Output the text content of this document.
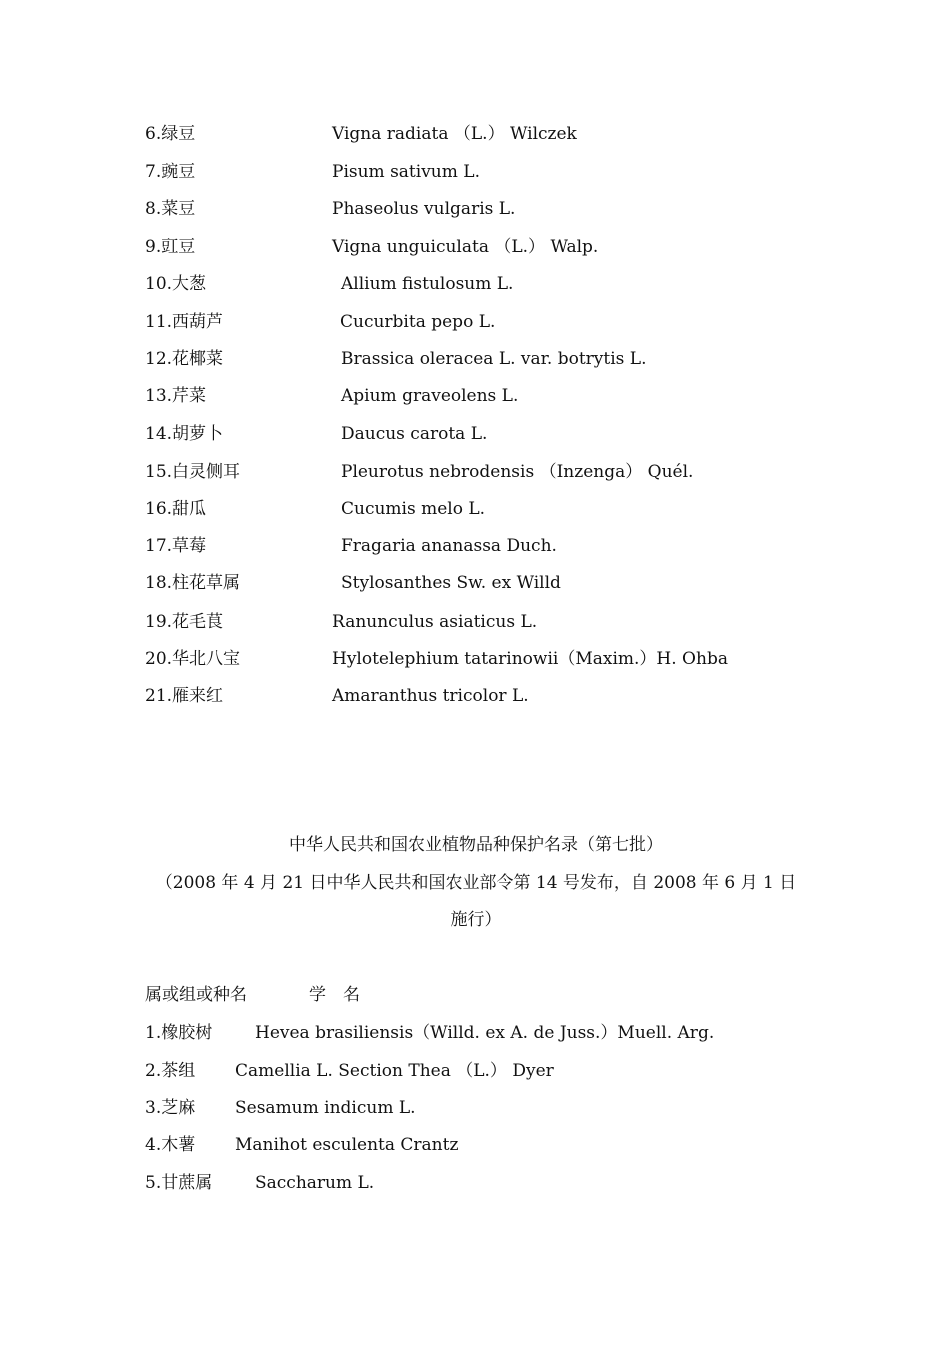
6.绿豆	Vigna radiata （L.） Wilczek
7.豌豆	Pisum sativum L.
8.菜豆	Phaseolus vulgaris L.
9.豇豆	Vigna unguiculata （L.） Walp.
10.大葱	Allium fistulosum L.
11.西葫芦	Cucurbita pepo L.
12.花椰菜	Brassica oleracea L. var. botrytis L.
13.芹菜	Apium graveolens L.
14.胡萝卜	Daucus carota L.
15.白灵侧耳	Pleurotus nebrodensis （Inzenga） Quél.
16.甜瓜	Cucumis melo L.
17.草莓	Fragaria ananassa Duch.
18.柱花草属	Stylosanthes Sw. ex Willd
19.花毛茛	Ranunculus asiaticus L.
20.华北八宝	Hylotelephium tatarinowii（Maxim.）H. Ohba
21.雁来红	Amaranthus tricolor L.
中华人民共和国农业植物品种保护名录（第七批）
（2008 年 4 月 21 日中华人民共和国农业部令第 14 号发布，自 2008 年 6 月 1 日
施行）
属或组或种名	学　名
1.橡胶树	Hevea brasiliensis（Willd. ex A. de Juss.）Muell. Arg.
2.茶组 Camellia L. Section Thea （L.） Dyer
3.芝麻 Sesamum indicum L.
4.木薯 Manihot esculenta Crantz
5.甘蔗属	Saccharum L.
